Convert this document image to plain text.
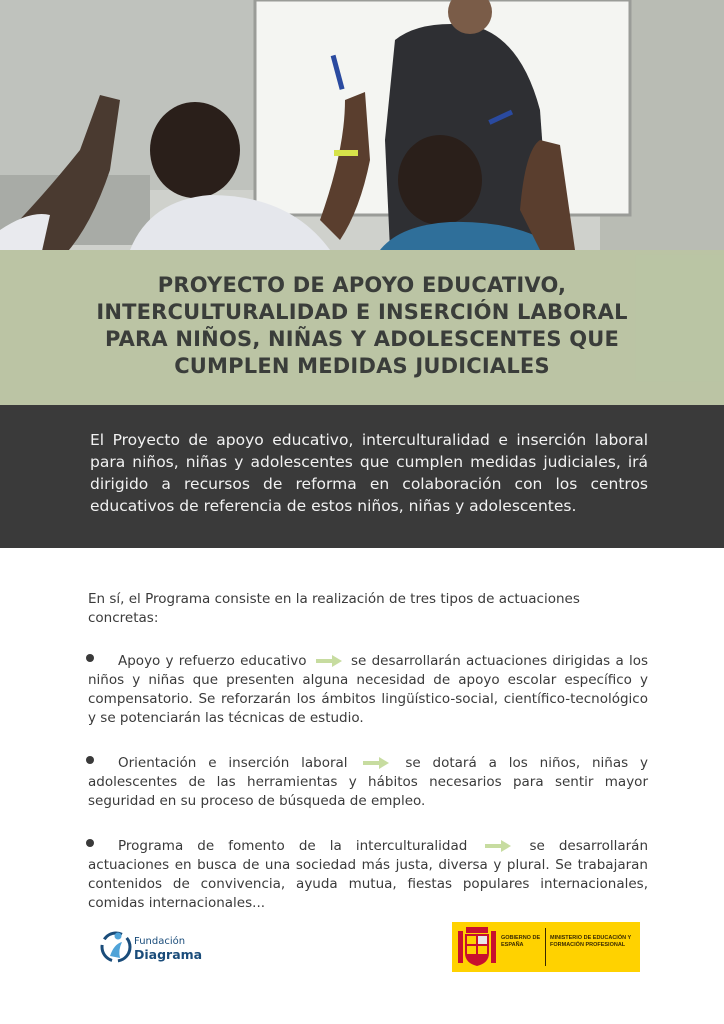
PROYECTO DE APOYO EDUCATIVO,
INTERCULTURALIDAD E INSERCIÓN LABORAL
PARA NIÑOS, NIÑAS Y ADOLESCENTES QUE
CUMPLEN MEDIDAS JUDICIALES

El Proyecto de apoyo educativo, interculturalidad e inserción laboral para niños, niñas y adolescentes que cumplen medidas judiciales, irá dirigido a recursos de reforma en colaboración con los centros educativos de referencia de estos niños, niñas y adolescentes.

En sí, el Programa consiste en la realización de tres tipos de actuaciones concretas:

Apoyo y refuerzo educativo	se desarrollarán actuaciones dirigidas a los niños y niñas que presenten alguna necesidad de apoyo escolar específico y compensatorio. Se reforzarán los ámbitos lingüístico-social, científico-tecnológico y se potenciarán las técnicas de estudio.
Orientación e inserción laboral	se dotará a los niños, niñas y adolescentes de las herramientas y hábitos necesarios para sentir mayor seguridad en su proceso de búsqueda de empleo.
Programa de fomento de la interculturalidad	se desarrollarán actuaciones en busca de una sociedad más justa, diversa y plural. Se trabajaran contenidos de convivencia, ayuda mutua, fiestas populares internacionales, comidas internacionales...
Fundación
Diagrama
GOBIERNO DE ESPAÑA
MINISTERIO DE EDUCACIÓN Y FORMACIÓN PROFESIONAL
